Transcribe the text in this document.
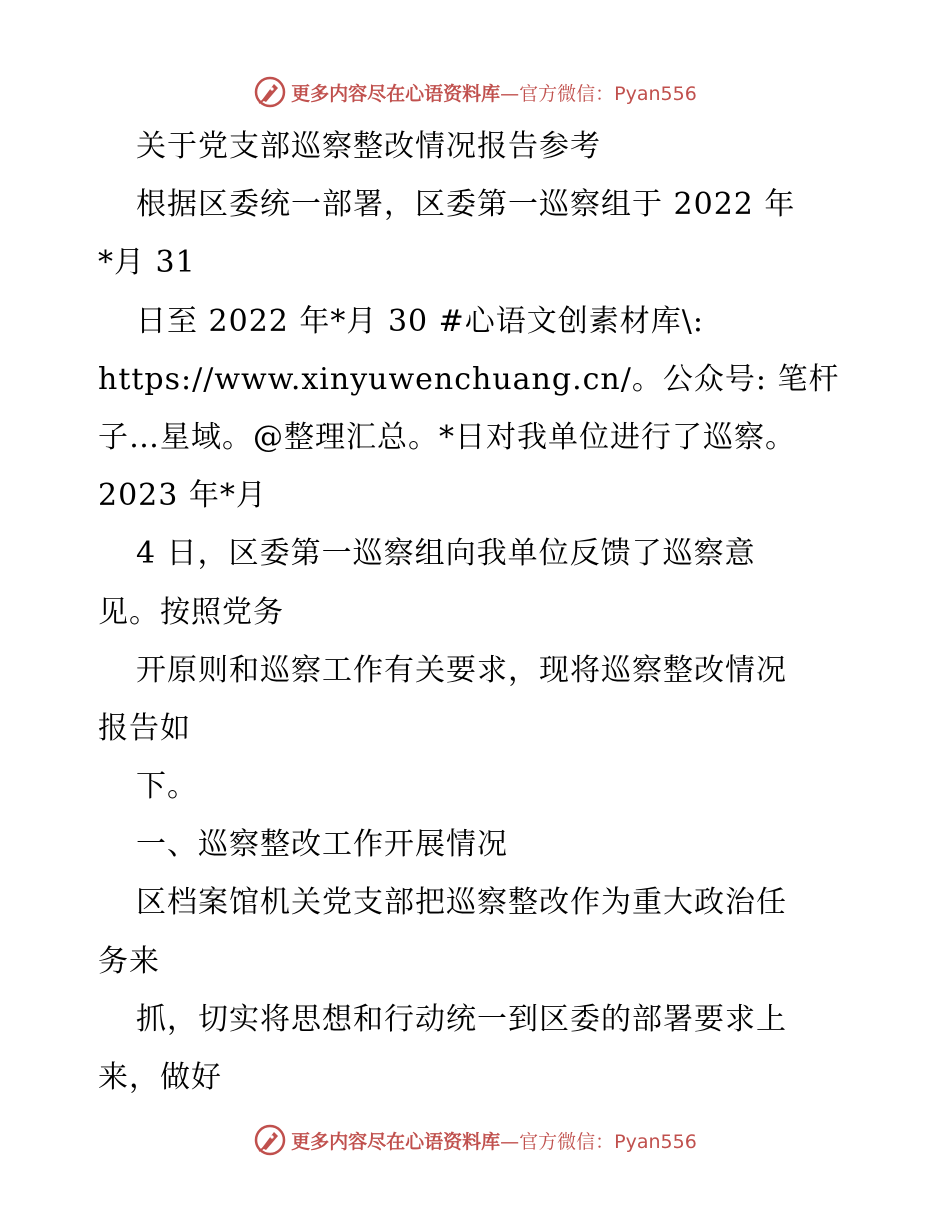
更多内容尽在心语资料库—官方微信：Pyan556
关于党支部巡察整改情况报告参考
根据区委统一部署，区委第一巡察组于 2022 年
*月 31
日至 2022 年*月 30 #心语文创素材库\:
https://www.xinyuwenchuang.cn/。公众号: 笔杆
子…星域。@整理汇总。*日对我单位进行了巡察。
2023 年*月
4 日，区委第一巡察组向我单位反馈了巡察意
见。按照党务
开原则和巡察工作有关要求，现将巡察整改情况
报告如
下。
一、巡察整改工作开展情况
区档案馆机关党支部把巡察整改作为重大政治任
务来
抓，切实将思想和行动统一到区委的部署要求上
来，做好
更多内容尽在心语资料库—官方微信：Pyan556
